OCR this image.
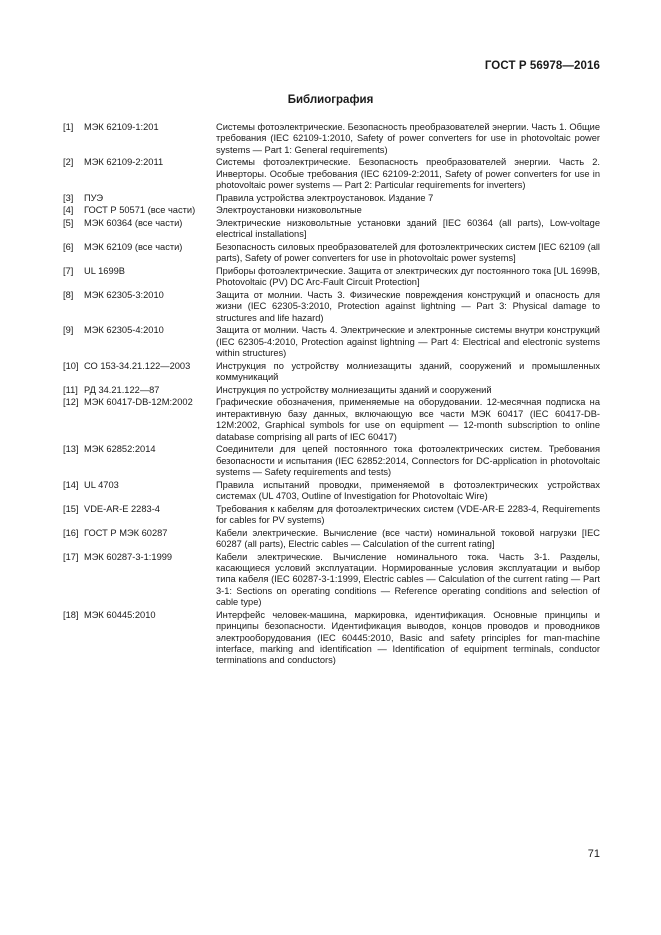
ГОСТ Р 56978—2016
Библиография
[1]	МЭК 62109-1:201	Системы фотоэлектрические. Безопасность преобразователей энергии. Часть 1. Общие требования (IEC 62109-1:2010, Safety of power converters for use in photovoltaic power systems — Part 1: General requirements)
[2]	МЭК 62109-2:2011	Системы фотоэлектрические. Безопасность преобразователей энергии. Часть 2. Инверторы. Особые требования (IEC 62109-2:2011, Safety of power converters for use in photovoltaic power systems — Part 2: Particular requirements for inverters)
[3]	ПУЭ	Правила устройства электроустановок. Издание 7
[4]	ГОСТ Р 50571 (все части)	Электроустановки низковольтные
[5]	МЭК 60364 (все части)	Электрические низковольтные установки зданий [IEC 60364 (all parts), Low-voltage electrical installations]
[6]	МЭК 62109 (все части)	Безопасность силовых преобразователей для фотоэлектрических систем [IEC 62109 (all parts), Safety of power converters for use in photovoltaic power systems]
[7]	UL 1699B	Приборы фотоэлектрические. Защита от электрических дуг постоянного тока [UL 1699B, Photovoltaic (PV) DC Arc-Fault Circuit Protection]
[8]	МЭК 62305-3:2010	Защита от молнии. Часть 3. Физические повреждения конструкций и опасность для жизни (IEC 62305-3:2010, Protection against lightning — Part 3: Physical damage to structures and life hazard)
[9]	МЭК 62305-4:2010	Защита от молнии. Часть 4. Электрические и электронные системы внутри конструкций (IEC 62305-4:2010, Protection against lightning — Part 4: Electrical and electronic systems within structures)
[10] СО 153-34.21.122—2003	Инструкция по устройству молниезащиты зданий, сооружений и промышленных коммуникаций
[11] РД 34.21.122—87	Инструкция по устройству молниезащиты зданий и сооружений
[12] МЭК 60417-DB-12M:2002	Графические обозначения, применяемые на оборудовании. 12-месячная подписка на интерактивную базу данных, включающую все части МЭК 60417 (IEC 60417-DB-12M:2002, Graphical symbols for use on equipment — 12-month subscription to online database comprising all parts of IEC 60417)
[13] МЭК 62852:2014	Соединители для цепей постоянного тока фотоэлектрических систем. Требования безопасности и испытания (IEC 62852:2014, Connectors for DC-application in photovoltaic systems — Safety requirements and tests)
[14] UL 4703	Правила испытаний проводки, применяемой в фотоэлектрических устройствах системах (UL 4703, Outline of Investigation for Photovoltaic Wire)
[15] VDE-AR-E 2283-4	Требования к кабелям для фотоэлектрических систем (VDE-AR-E 2283-4, Requirements for cables for PV systems)
[16] ГОСТ Р МЭК 60287	Кабели электрические. Вычисление (все части) номинальной токовой нагрузки [IEC 60287 (all parts), Electric cables — Calculation of the current rating]
[17] МЭК 60287-3-1:1999	Кабели электрические. Вычисление номинального тока. Часть 3-1. Разделы, касающиеся условий эксплуатации. Нормированные условия эксплуатации и выбор типа кабеля (IEC 60287-3-1:1999, Electric cables — Calculation of the current rating — Part 3-1: Sections on operating conditions — Reference operating conditions and selection of cable type)
[18] МЭК 60445:2010	Интерфейс человек-машина, маркировка, идентификация. Основные принципы и принципы безопасности. Идентификация выводов, концов проводов и проводников электрооборудования (IEC 60445:2010, Basic and safety principles for man-machine interface, marking and identification — Identification of equipment terminals, conductor terminations and conductors)
71
